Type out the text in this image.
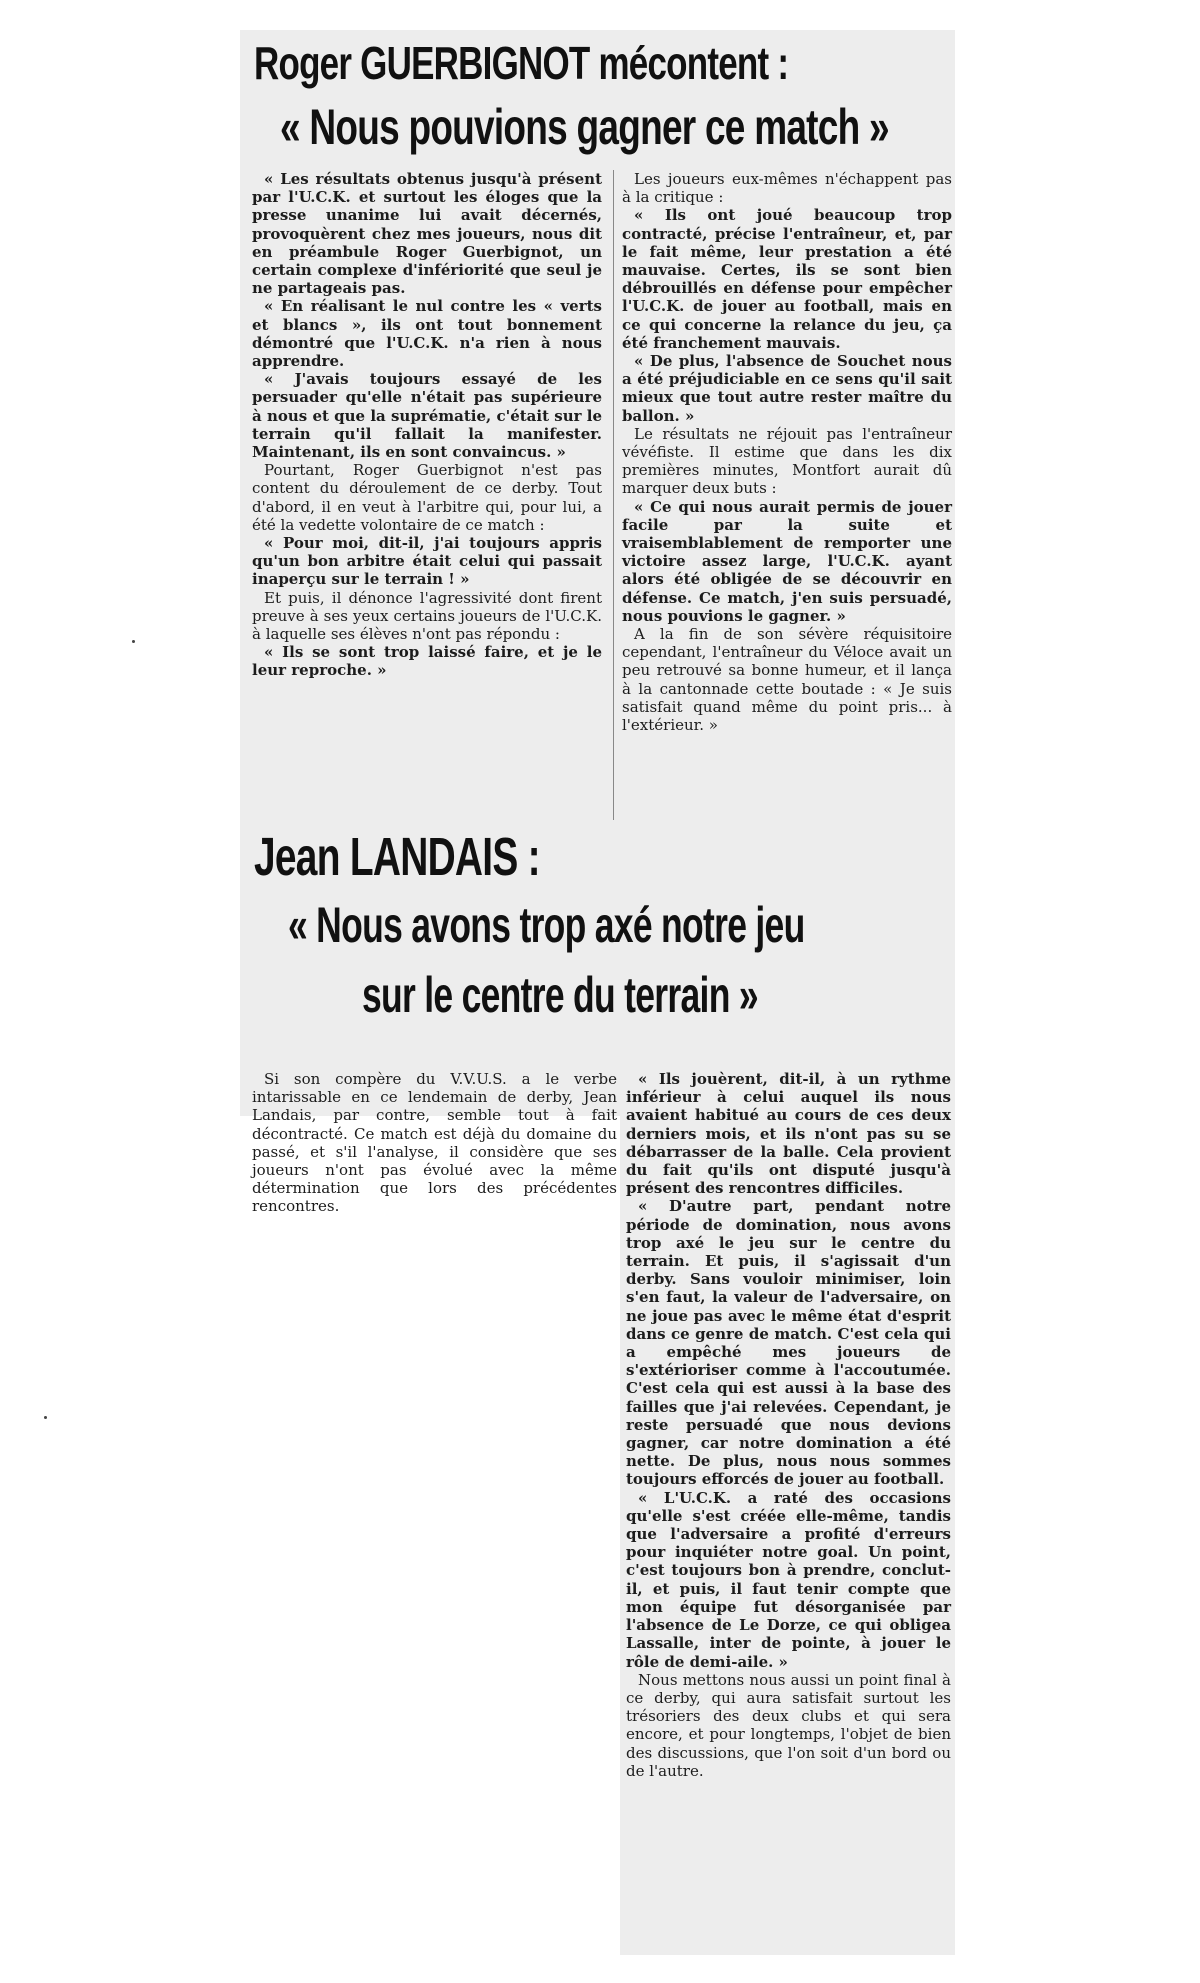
Roger GUERBIGNOT mécontent :
« Nous pouvions gagner ce match »

« Les résultats obtenus jusqu'à présent par l'U.C.K. et surtout les éloges que la presse unanime lui avait décernés, provoquèrent chez mes joueurs, nous dit en préambule Roger Guerbignot, un certain complexe d'infériorité que seul je ne partageais pas.

« En réalisant le nul contre les « verts et blancs », ils ont tout bonnement démontré que l'U.C.K. n'a rien à nous apprendre.

« J'avais toujours essayé de les persuader qu'elle n'était pas supérieure à nous et que la suprématie, c'était sur le terrain qu'il fallait la manifester. Maintenant, ils en sont convaincus. »

Pourtant, Roger Guerbignot n'est pas content du déroulement de ce derby. Tout d'abord, il en veut à l'arbitre qui, pour lui, a été la vedette volontaire de ce match :

« Pour moi, dit-il, j'ai toujours appris qu'un bon arbitre était celui qui passait inaperçu sur le terrain ! »

Et puis, il dénonce l'agressivité dont firent preuve à ses yeux certains joueurs de l'U.C.K. à laquelle ses élèves n'ont pas répondu :

« Ils se sont trop laissé faire, et je le leur reproche. »

Les joueurs eux-mêmes n'échappent pas à la critique :

« Ils ont joué beaucoup trop contracté, précise l'entraîneur, et, par le fait même, leur prestation a été mauvaise. Certes, ils se sont bien débrouillés en défense pour empêcher l'U.C.K. de jouer au football, mais en ce qui concerne la relance du jeu, ça été franchement mauvais.

« De plus, l'absence de Souchet nous a été préjudiciable en ce sens qu'il sait mieux que tout autre rester maître du ballon. »

Le résultats ne réjouit pas l'entraîneur vévéfiste. Il estime que dans les dix premières minutes, Montfort aurait dû marquer deux buts :

« Ce qui nous aurait permis de jouer facile par la suite et vraisemblablement de remporter une victoire assez large, l'U.C.K. ayant alors été obligée de se découvrir en défense. Ce match, j'en suis persuadé, nous pouvions le gagner. »

A la fin de son sévère réquisitoire cependant, l'entraîneur du Véloce avait un peu retrouvé sa bonne humeur, et il lança à la cantonnade cette boutade : « Je suis satisfait quand même du point pris... à l'extérieur. »

Jean LANDAIS :
« Nous avons trop axé notre jeu
sur le centre du terrain »

Si son compère du V.V.U.S. a le verbe intarissable en ce lendemain de derby, Jean Landais, par contre, semble tout à fait décontracté. Ce match est déjà du domaine du passé, et s'il l'analyse, il considère que ses joueurs n'ont pas évolué avec la même détermination que lors des précédentes rencontres.

« Ils jouèrent, dit-il, à un rythme inférieur à celui auquel ils nous avaient habitué au cours de ces deux derniers mois, et ils n'ont pas su se débarrasser de la balle. Cela provient du fait qu'ils ont disputé jusqu'à présent des rencontres difficiles.

« D'autre part, pendant notre période de domination, nous avons trop axé le jeu sur le centre du terrain. Et puis, il s'agissait d'un derby. Sans vouloir minimiser, loin s'en faut, la valeur de l'adversaire, on ne joue pas avec le même état d'esprit dans ce genre de match. C'est cela qui a empêché mes joueurs de s'extérioriser comme à l'accoutumée. C'est cela qui est aussi à la base des failles que j'ai relevées. Cependant, je reste persuadé que nous devions gagner, car notre domination a été nette. De plus, nous nous sommes toujours efforcés de jouer au football.

« L'U.C.K. a raté des occasions qu'elle s'est créée elle-même, tandis que l'adversaire a profité d'erreurs pour inquiéter notre goal. Un point, c'est toujours bon à prendre, conclut-il, et puis, il faut tenir compte que mon équipe fut désorganisée par l'absence de Le Dorze, ce qui obligea Lassalle, inter de pointe, à jouer le rôle de demi-aile. »

Nous mettons nous aussi un point final à ce derby, qui aura satisfait surtout les trésoriers des deux clubs et qui sera encore, et pour longtemps, l'objet de bien des discussions, que l'on soit d'un bord ou de l'autre.
